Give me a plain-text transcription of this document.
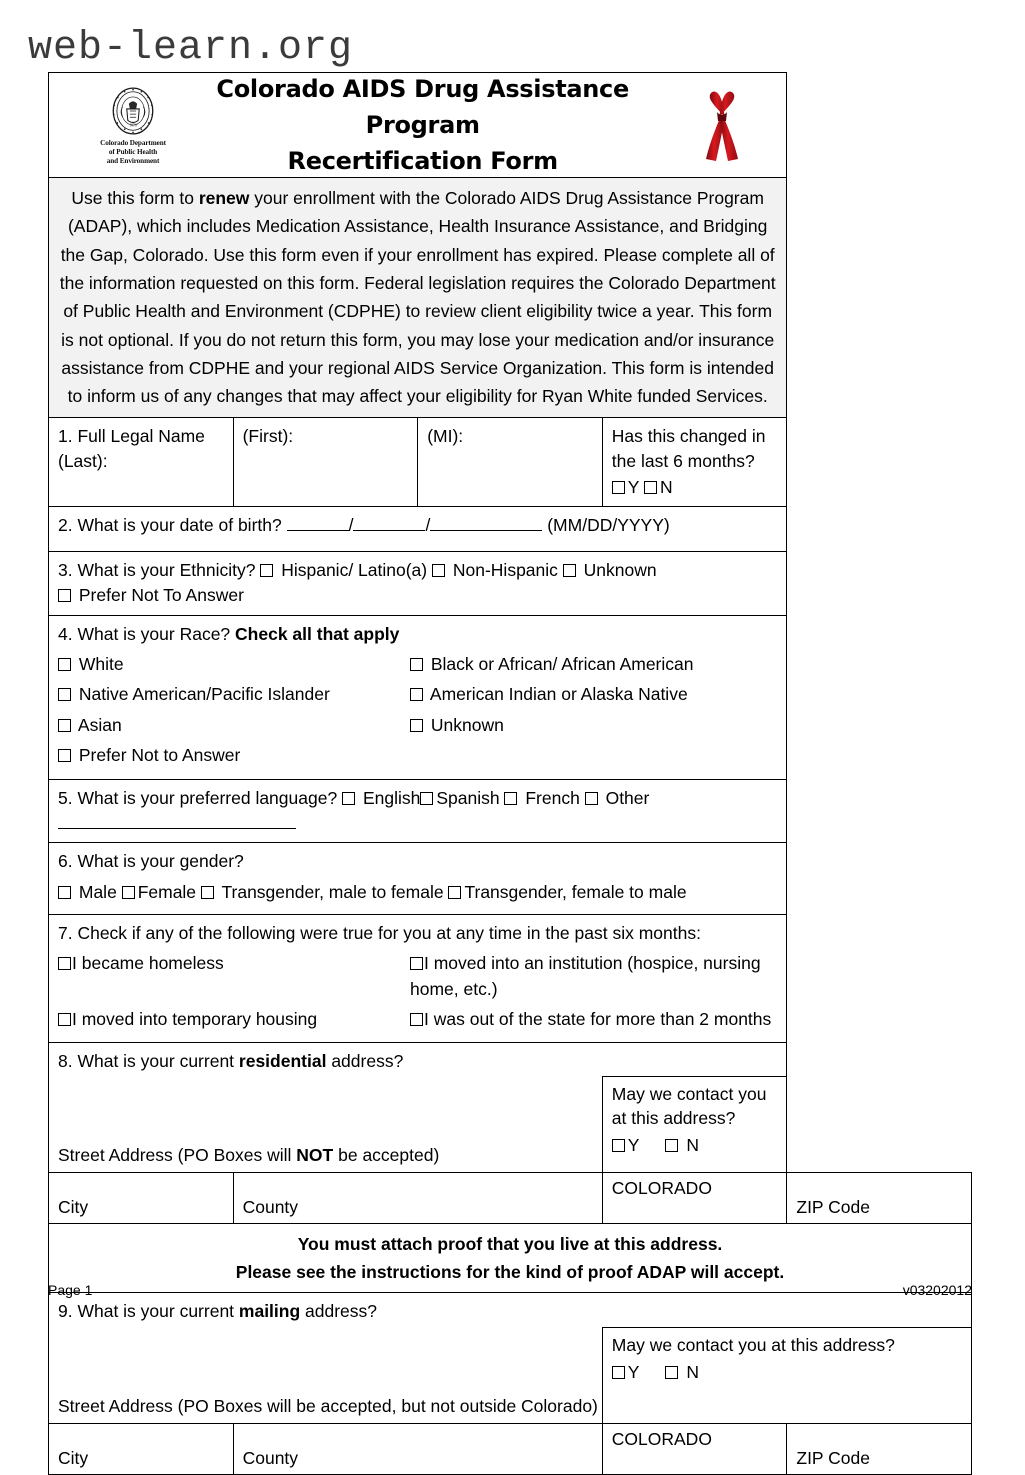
web-learn.org
1876
Colorado Department
of Public Health
and Environment
Colorado AIDS Drug Assistance Program
Recertification Form

Use this form to renew your enrollment with the Colorado AIDS Drug Assistance Program (ADAP), which includes Medication Assistance, Health Insurance Assistance, and Bridging the Gap, Colorado. Use this form even if your enrollment has expired. Please complete all of the information requested on this form. Federal legislation requires the Colorado Department of Public Health and Environment (CDPHE) to review client eligibility twice a year. This form is not optional. If you do not return this form, you may lose your medication and/or insurance assistance from CDPHE and your regional AIDS Service Organization. This form is intended to inform us of any changes that may affect your eligibility for Ryan White funded Services.				

1. Full Legal Name (Last):	(First):	(MI):	Has this changed in the last 6 months?
Y N	

2. What is your date of birth? / / (MM/DD/YYYY)				

3. What is your Ethnicity? Hispanic/ Latino(a) Non-Hispanic Unknown  Prefer Not To Answer				

4. What is your Race? Check all that apply
White	Black or African/ African American
Native American/Pacific Islander	American Indian or Alaska Native
Asian	Unknown
Prefer Not to Answer

5. What is your preferred language? English Spanish French Other				

6. What is your gender?
Male Female Transgender, male to female Transgender, female to male				

7. Check if any of the following were true for you at any time in the past six months:
I became homeless I moved into an institution (hospice, nursing home, etc.)
I moved into temporary housing I was out of the state for more than 2 months				

8. What is your current residential address?				

Street Address (PO Boxes will NOT be accepted)			May we contact you at this address?
Y N	

City	County		COLORADO	ZIP Code

You must attach proof that you live at this address.
Please see the instructions for the kind of proof ADAP will accept.				

9. What is your current mailing address?				

Street Address (PO Boxes will be accepted, but not outside Colorado)			May we contact you at this address?
Y N	

City	County		COLORADO	ZIP Code
Page 1	v03202012
